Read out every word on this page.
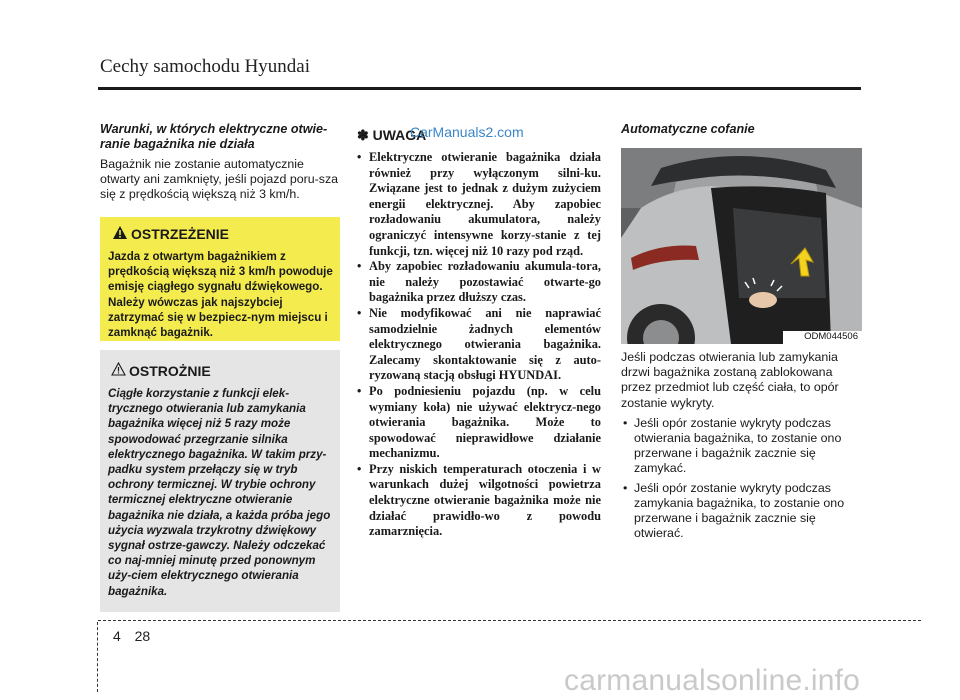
Cechy samochodu Hyundai

Warunki, w których elektryczne otwie-ranie bagażnika nie działa

Bagażnik nie zostanie automatycznie otwarty ani zamknięty, jeśli pojazd poru-sza się z prędkością większą niż 3 km/h.

OSTRZEŻENIE
Jazda z otwartym bagażnikiem z prędkością większą niż 3 km/h powoduje emisję ciągłego sygnału dźwiękowego. Należy wówczas jak najszybciej zatrzymać się w bezpiecz-nym miejscu i zamknąć bagażnik.
OSTROŻNIE
Ciągłe korzystanie z funkcji elek-trycznego otwierania lub zamykania bagażnika więcej niż 5 razy może spowodować przegrzanie silnika elektrycznego bagażnika. W takim przy-padku system przełączy się w tryb ochrony termicznej. W trybie ochrony termicznej elektryczne otwieranie bagażnika nie działa, a każda próba jego użycia wyzwala trzykrotny dźwiękowy sygnał ostrze-gawczy. Należy odczekać co naj-mniej minutę przed ponownym uży-ciem elektrycznego otwierania bagażnika.
✽ UWAGA
CarManuals2.com
• Elektryczne otwieranie bagażnika działa również przy wyłączonym silni-ku. Związane jest to jednak z dużym zużyciem energii elektrycznej. Aby zapobiec rozładowaniu akumulatora, należy ograniczyć intensywne korzy-stanie z tej funkcji, tzn. więcej niż 10 razy pod rząd.
• Aby zapobiec rozładowaniu akumula-tora, nie należy pozostawiać otwarte-go bagażnika przez dłuższy czas.
• Nie modyfikować ani nie naprawiać samodzielnie żadnych elementów elektrycznego otwierania bagażnika. Zalecamy skontaktowanie się z auto-ryzowaną stacją obsługi HYUNDAI.
• Po podniesieniu pojazdu (np. w celu wymiany koła) nie używać elektrycz-nego otwierania bagażnika. Może to spowodować nieprawidłowe działanie mechanizmu.
• Przy niskich temperaturach otoczenia i w warunkach dużej wilgotności powietrza elektryczne otwieranie bagażnika może nie działać prawidło-wo z powodu zamarznięcia.

Automatyczne cofanie

ODM044506

Jeśli podczas otwierania lub zamykania drzwi bagażnika zostaną zablokowana przez przedmiot lub część ciała, to opór zostanie wykryty.

• Jeśli opór zostanie wykryty podczas otwierania bagażnika, to zostanie ono przerwane i bagażnik zacznie się zamykać.
• Jeśli opór zostanie wykryty podczas zamykania bagażnika, to zostanie ono przerwane i bagażnik zacznie się otwierać.
4 28
carmanualsonline.info
